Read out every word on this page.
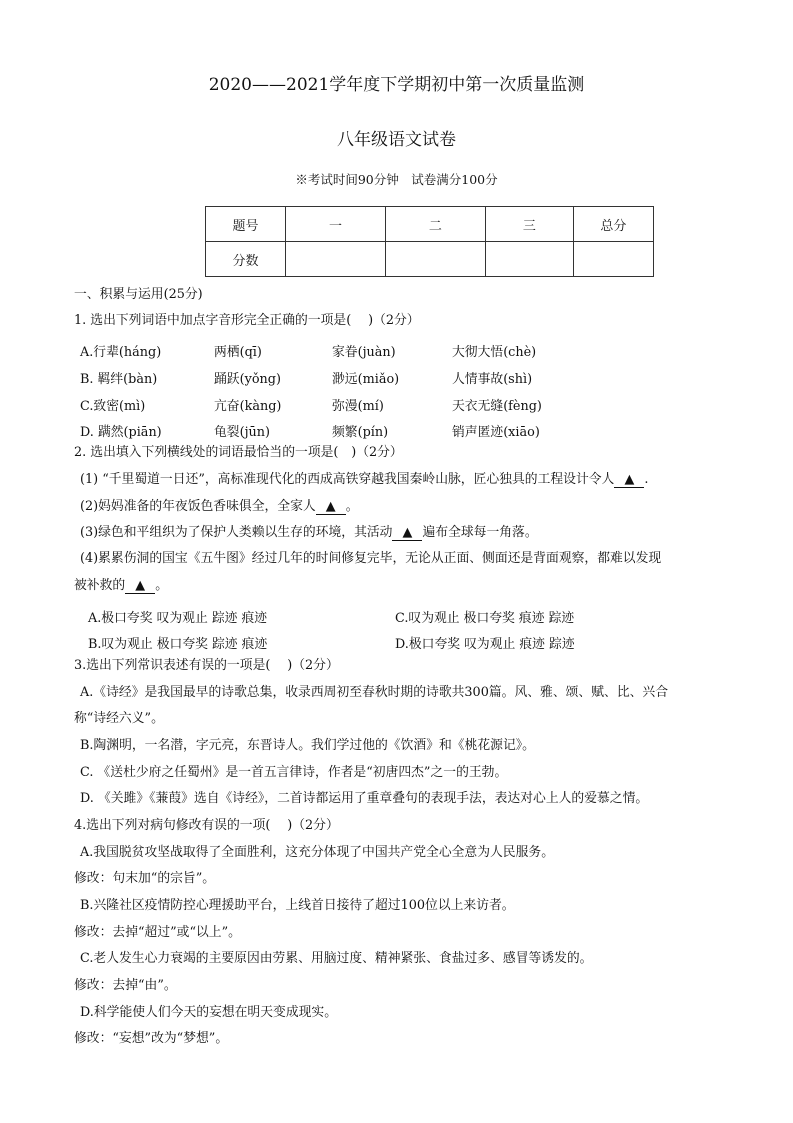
2020——2021学年度下学期初中第一次质量监测
八年级语文试卷
※考试时间90分钟　试卷满分100分
题号	一	二	三	总分
分数				
一、积累与运用(25分)
1. 选出下列词语中加点字音形完全正确的一项是(　 )（2分）
A.行辈(háng)	两栖(qī)	家眷(juàn)	大彻大悟(chè)
B. 羁绊(bàn)	踊跃(yǒng)	渺远(miǎo)	人情事故(shì)
C.致密(mì)	亢奋(kàng)	弥漫(mí)	天衣无缝(fèng)
D. 蹒然(piān)	龟裂(jūn)	频繁(pín)	销声匿迹(xiāo)
2. 选出填入下列横线处的词语最恰当的一项是(　)（2分）
(1) “千里蜀道一日还”，高标准现代化的西成高铁穿越我国秦岭山脉，匠心独具的工程设计令人 ▲ .
(2)妈妈准备的年夜饭色香味俱全，全家人 ▲ 。
(3)绿色和平组织为了保护人类赖以生存的环境，其活动 ▲ 遍布全球每一角落。
(4)累累伤洞的国宝《五牛图》经过几年的时间修复完毕，无论从正面、侧面还是背面观察，都难以发现
被补救的 ▲ 。
A.极口夸奖 叹为观止 踪迹 痕迹	C.叹为观止 极口夸奖 痕迹 踪迹
B.叹为观止 极口夸奖 踪迹 痕迹	D.极口夸奖 叹为观止 痕迹 踪迹
3.选出下列常识表述有误的一项是(　 )（2分）
A.《诗经》是我国最早的诗歌总集，收录西周初至春秋时期的诗歌共300篇。风、雅、颂、赋、比、兴合
称“诗经六义”。
B.陶渊明，一名潜，字元亮，东晋诗人。我们学过他的《饮酒》和《桃花源记》。
C. 《送杜少府之任蜀州》是一首五言律诗，作者是“初唐四杰”之一的王勃。
D. 《关雎》《蒹葭》选自《诗经》，二首诗都运用了重章叠句的表现手法，表达对心上人的爱慕之情。
4.选出下列对病句修改有误的一项(　 )（2分）
A.我国脱贫攻坚战取得了全面胜利，这充分体现了中国共产党全心全意为人民服务。
修改：句末加“的宗旨”。
B.兴隆社区疫情防控心理援助平台，上线首日接待了超过100位以上来访者。
修改：去掉“超过”或“以上”。
C.老人发生心力衰竭的主要原因由劳累、用脑过度、精神紧张、食盐过多、感冒等诱发的。
修改：去掉“由”。
D.科学能使人们今天的妄想在明天变成现实。
修改：“妄想”改为“梦想”。
